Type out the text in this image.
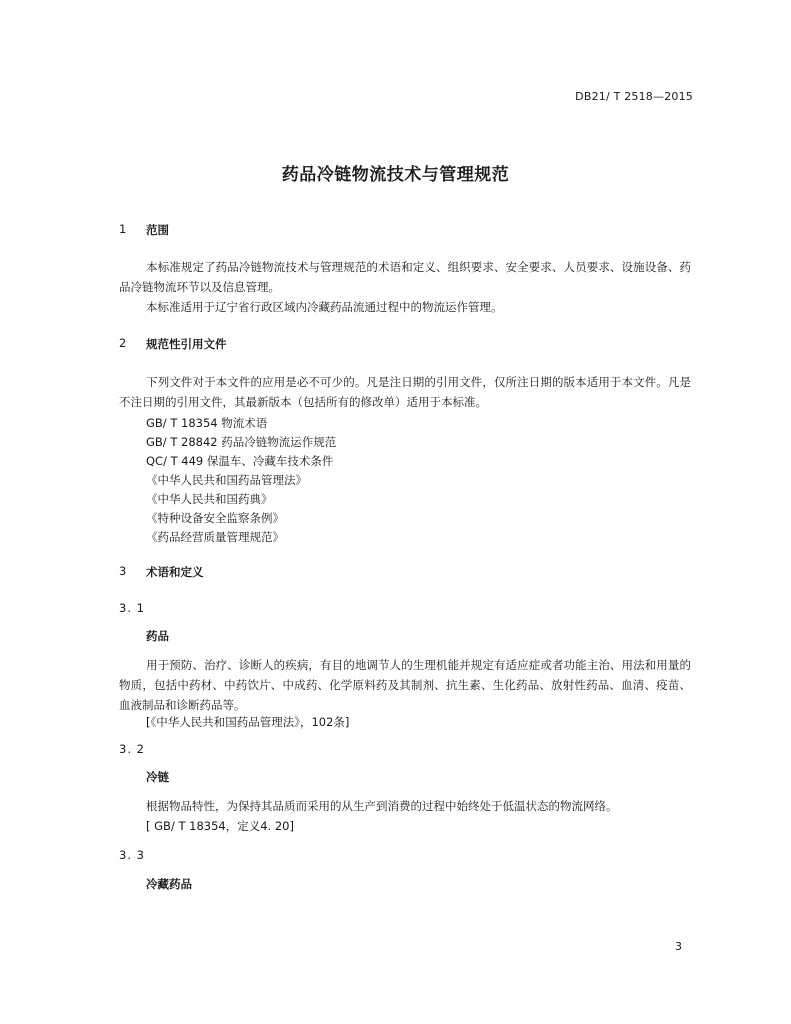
DB21/ T 2518—2015
药品冷链物流技术与管理规范
1 范围
本标准规定了药品冷链物流技术与管理规范的术语和定义、组织要求、安全要求、人员要求、设施设备、药品冷链物流环节以及信息管理。
本标准适用于辽宁省行政区域内冷藏药品流通过程中的物流运作管理。
2 规范性引用文件
下列文件对于本文件的应用是必不可少的。凡是注日期的引用文件，仅所注日期的版本适用于本文件。凡是不注日期的引用文件，其最新版本（包括所有的修改单）适用于本标准。
GB/ T 18354 物流术语
GB/ T 28842 药品冷链物流运作规范
QC/ T 449 保温车、冷藏车技术条件
《中华人民共和国药品管理法》
《中华人民共和国药典》
《特种设备安全监察条例》
《药品经营质量管理规范》
3 术语和定义
3. 1
药品
用于预防、治疗、诊断人的疾病，有目的地调节人的生理机能并规定有适应症或者功能主治、用法和用量的物质，包括中药材、中药饮片、中成药、化学原料药及其制剂、抗生素、生化药品、放射性药品、血清、疫苗、血液制品和诊断药品等。
[《中华人民共和国药品管理法》，102条]
3. 2
冷链
根据物品特性，为保持其品质而采用的从生产到消费的过程中始终处于低温状态的物流网络。
[ GB/ T 18354，定义4. 20]
3. 3
冷藏药品
3
